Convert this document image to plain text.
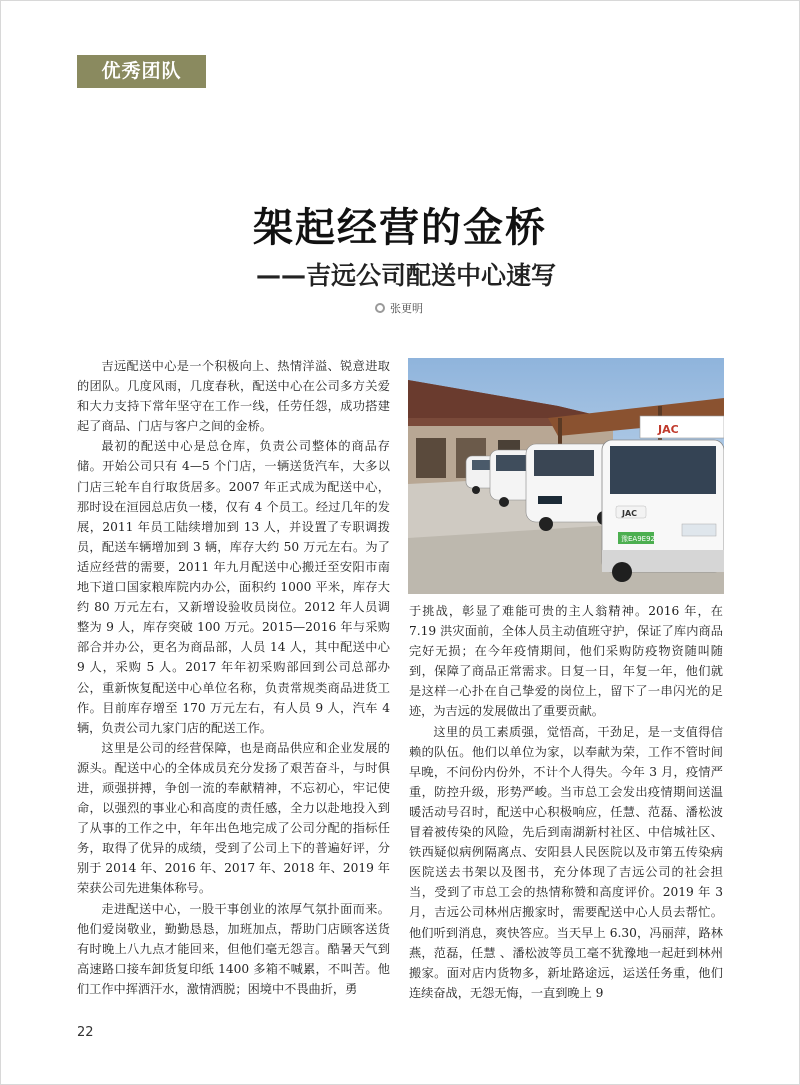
优秀团队
架起经营的金桥
——吉远公司配送中心速写
张更明

吉远配送中心是一个积极向上、热情洋溢、锐意进取的团队。几度风雨，几度春秋，配送中心在公司多方关爱和大力支持下常年坚守在工作一线，任劳任怨，成功搭建起了商品、门店与客户之间的金桥。

最初的配送中心是总仓库，负责公司整体的商品存储。开始公司只有 4—5 个门店，一辆送货汽车，大多以门店三轮车自行取货居多。2007 年正式成为配送中心，那时设在洹园总店负一楼，仅有 4 个员工。经过几年的发展，2011 年员工陆续增加到 13 人，并设置了专职调拨员，配送车辆增加到 3 辆，库存大约 50 万元左右。为了适应经营的需要，2011 年九月配送中心搬迁至安阳市南地下道口国家粮库院内办公，面积约 1000 平米，库存大约 80 万元左右，又新增设验收员岗位。2012 年人员调整为 9 人，库存突破 100 万元。2015—2016 年与采购部合并办公，更名为商品部，人员 14 人，其中配送中心 9 人，采购 5 人。2017 年年初采购部回到公司总部办公，重新恢复配送中心单位名称，负责常规类商品进货工作。目前库存增至 170 万元左右，有人员 9 人，汽车 4 辆，负责公司九家门店的配送工作。

这里是公司的经营保障，也是商品供应和企业发展的源头。配送中心的全体成员充分发扬了艰苦奋斗，与时俱进，顽强拼搏，争创一流的奉献精神，不忘初心，牢记使命，以强烈的事业心和高度的责任感，全力以赴地投入到了从事的工作之中，年年出色地完成了公司分配的指标任务，取得了优异的成绩，受到了公司上下的普遍好评，分别于 2014 年、2016 年、2017 年、2018 年、2019 年荣获公司先进集体称号。

走进配送中心，一股干事创业的浓厚气氛扑面而来。他们爱岗敬业，勤勤恳恳，加班加点，帮助门店顾客送货有时晚上八九点才能回来，但他们毫无怨言。酷暑天气到高速路口接车卸货复印纸 1400 多箱不喊累，不叫苦。他们工作中挥洒汗水，激情洒脱；困境中不畏曲折，勇

JAC
JAC
豫EA9E92

于挑战，彰显了难能可贵的主人翁精神。2016 年，在 7.19 洪灾面前，全体人员主动值班守护，保证了库内商品完好无损；在今年疫情期间，他们采购防疫物资随叫随到，保障了商品正常需求。日复一日，年复一年，他们就是这样一心扑在自己挚爱的岗位上，留下了一串闪光的足迹，为吉远的发展做出了重要贡献。

这里的员工素质强，觉悟高，干劲足，是一支值得信赖的队伍。他们以单位为家，以奉献为荣，工作不管时间早晚，不问份内份外，不计个人得失。今年 3 月，疫情严重，防控升级，形势严峻。当市总工会发出疫情期间送温暖活动号召时，配送中心积极响应，任慧、范磊、潘松波冒着被传染的风险，先后到南湖新村社区、中信城社区、铁西疑似病例隔离点、安阳县人民医院以及市第五传染病医院送去书架以及图书，充分体现了吉远公司的社会担当，受到了市总工会的热情称赞和高度评价。2019 年 3 月，吉远公司林州店搬家时，需要配送中心人员去帮忙。他们听到消息，爽快答应。当天早上 6.30，冯丽萍，路林燕，范磊，任慧 、潘松波等员工毫不犹豫地一起赶到林州搬家。面对店内货物多，新址路途远，运送任务重，他们连续奋战，无怨无悔，一直到晚上 9

22
